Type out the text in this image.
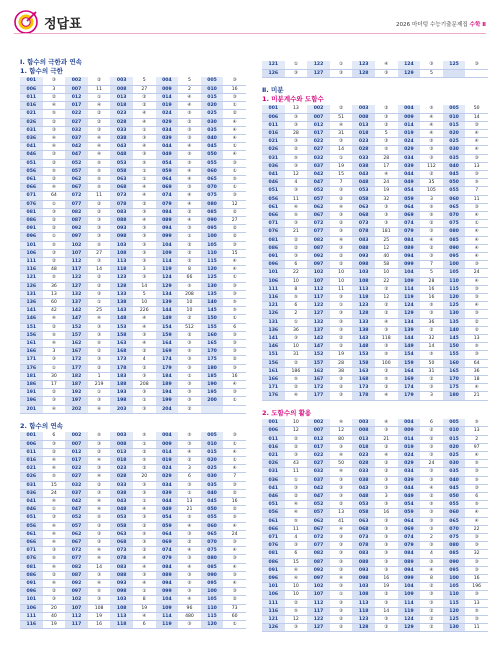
정답표	2026 마더텅 수능기출문제집 수학 Ⅱ
Ⅰ. 함수의 극한과 연속
1. 함수의 극한
001	③	002	②	003	5	004	5	005	③
006	3	007	11	008	27	009	2	010	16
011	②	012	①	013	②	014	④	015	③
016	④	017	④	018	②	019	④	020	①
021	⑤	022	②	023	④	024	⑤	025	②
026	②	027	②	028	④	029	②	030	④
031	③	032	③	033	①	034	③	035	④
036	④	037	④	038	③	039	③	040	④
041	④	042	④	043	④	044	④	045	①
046	③	047	④	048	③	049	⑤	050	④
051	②	052	⑤	053	⑤	054	⑤	055	③
056	⑤	057	⑤	058	①	059	④	060	①
061	②	062	⑤	063	①	064	④	065	⑤
066	④	067	⑤	068	④	069	③	070	①
071	64	072	11	073	④	074	④	075	③
076	①	077	②	078	②	079	④	080	12
081	③	082	②	083	③	084	②	085	②
086	②	087	③	088	④	089	④	090	27
091	②	092	③	093	③	094	③	095	②
096	①	097	③	098	③	099	①	100	②
101	⑤	102	⑤	103	③	104	②	105	③
106	③	107	27	108	③	109	②	110	15
111	②	112	③	113	③	114	②	115	④
116	48	117	14	118	3	119	8	120	④
121	⑤	122	②	123	③	124	66	125	①
126	36	127	②	128	14	129	⑤	130	③
131	13	132	③	133	5	134	208	135	③
136	60	137	①	138	10	139	10	140	⑤
141	42	142	25	143	226	144	10	145	⑤
146	④	147	④	148	④	149	②	150	①
151	②	152	③	153	④	154	512	155	6
156	⑤	157	③	158	③	159	②	160	③
161	④	162	⑤	163	④	164	③	165	③
166	3	167	②	168	②	169	⑤	170	③
171	③	172	③	173	4	174	③	175	②
176	①	177	②	178	②	179	③	180	③
181	30	182	1	183	③	184	①	185	16
186	17	187	219	188	208	189	③	190	④
191	②	192	①	193	③	194	③	195	③
196	③	197	③	198	①	199	③	200	①
201	④	202	④	203	③	204	②		
2. 함수의 연속
001	6	002	⑤	003	⑤	004	⑤	005	③
006	③	007	③	008	①	009	③	010	①
011	②	012	②	013	②	014	④	015	④
016	④	017	④	018	⑤	019	②	020	①
021	④	022	③	023	②	024	3	025	④
026	⑤	027	④	028	20	029	6	030	7
031	15	032	②	033	③	034	③	035	③
036	24	037	③	038	③	039	①	040	②
041	④	042	④	043	①	044	13	045	16
046	①	047	④	048	④	049	21	050	②
051	③	052	⑤	053	③	054	⑤	055	⑤
056	④	057	③	058	②	059	④	060	④
061	④	062	③	063	⑤	064	③	065	24
066	④	067	③	068	③	069	②	070	③
071	③	072	④	073	②	074	④	075	④
076	⑤	077	④	078	④	079	③	080	③
081	④	082	14	083	④	084	④	085	④
086	②	087	③	088	③	089	③	090	③
091	④	092	④	093	④	094	⑤	095	④
096	②	097	⑤	098	①	099	③	100	③
101	③	102	③	103	8	104	④	105	②
106	20	107	108	108	19	109	96	110	73
111	40	112	19	113	④	114	480	115	60
116	19	117	16	118	6	119	③	120	①
121	①	122	①	123	④	124	③	125	③
126	③	127	③	128	③	129	5		
Ⅱ. 미분
1. 미분계수와 도함수
001	13	002	②	003	②	004	⑤	005	50
006	③	007	51	008	③	009	④	010	14
011	③	012	④	013	②	014	④	015	③
016	28	017	31	018	5	019	④	020	④
021	③	022	③	023	③	024	⑤	025	④
026	②	027	14	028	⑤	029	③	030	④
031	⑤	032	①	033	28	034	③	035	③
036	③	037	19	038	17	039	112	040	13
041	12	042	15	043	④	044	②	045	③
046	4	047	7	048	24	049	35	050	⑤
051	③	052	③	053	19	054	105	055	7
056	11	057	②	058	32	059	3	060	11
061	④	062	④	063	③	064	⑤	065	③
066	⑤	067	③	068	③	069	⑤	070	④
071	③	072	②	073	③	074	②	075	①
076	21	077	③	078	181	079	③	080	④
081	②	082	④	083	25	084	④	085	④
086	②	087	③	088	12	089	②	090	④
091	③	092	②	093	40	094	③	095	④
096	6	097	②	098	58	099	7	100	③
101	22	102	10	103	10	104	5	105	24
106	10	107	10	108	22	109	28	110	④
111	8	112	11	113	②	114	16	115	③
116	⑤	117	③	118	12	119	16	120	③
121	6	122	①	123	②	124	⑤	125	④
126	2	127	③	128	②	129	③	130	③
131	①	132	③	133	④	134	36	135	②
136	36	137	③	138	③	139	②	140	②
141	③	142	②	143	118	144	32	145	13
146	10	147	②	148	③	149	14	150	⑤
151	31	152	19	153	⑤	154	⑤	155	③
156	②	157	28	158	100	159	50	160	64
161	186	162	38	163	②	164	31	165	36
166	⑤	167	③	168	⑤	169	②	170	18
171	②	172	②	173	②	174	③	175	④
176	④	177	③	178	④	179	3	180	21
2. 도함수의 활용
001	10	002	④	003	④	004	6	005	⑤
006	12	007	12	008	③	009	②	010	13
011	②	012	80	013	21	014	②	015	2
016	②	017	③	018	②	019	③	020	97
021	③	022	④	023	④	024	③	025	④
026	43	027	50	028	②	029	24	030	⑤
031	11	032	④	033	②	034	③	035	③
036	①	037	③	038	③	039	③	040	⑤
041	③	042	③	043	③	044	④	045	③
046	②	047	③	048	3	049	②	050	6
051	④	052	②	053	③	054	⑤	055	⑤
056	④	057	13	058	16	059	③	060	④
061	⑤	062	41	063	③	064	③	065	④
066	11	067	④	068	③	069	③	070	22
071	4	072	③	073	③	074	2	075	③
076	③	077	③	078	③	079	③	080	③
081	6	082	③	083	③	084	4	085	32
086	15	087	③	088	③	089	③	090	③
091	④	092	③	093	③	094	④	095	③
096	④	097	④	098	16	099	8	100	16
101	10	102	③	103	19	104	②	105	196
106	10	107	①	108	②	109	③	110	③
111	②	112	③	113	③	114	③	115	13
116	⑤	117	③	118	14	119	②	120	⑤
121	12	122	②	123	③	124	②	125	③
126	③	127	②	128	②	129	②	130	11
